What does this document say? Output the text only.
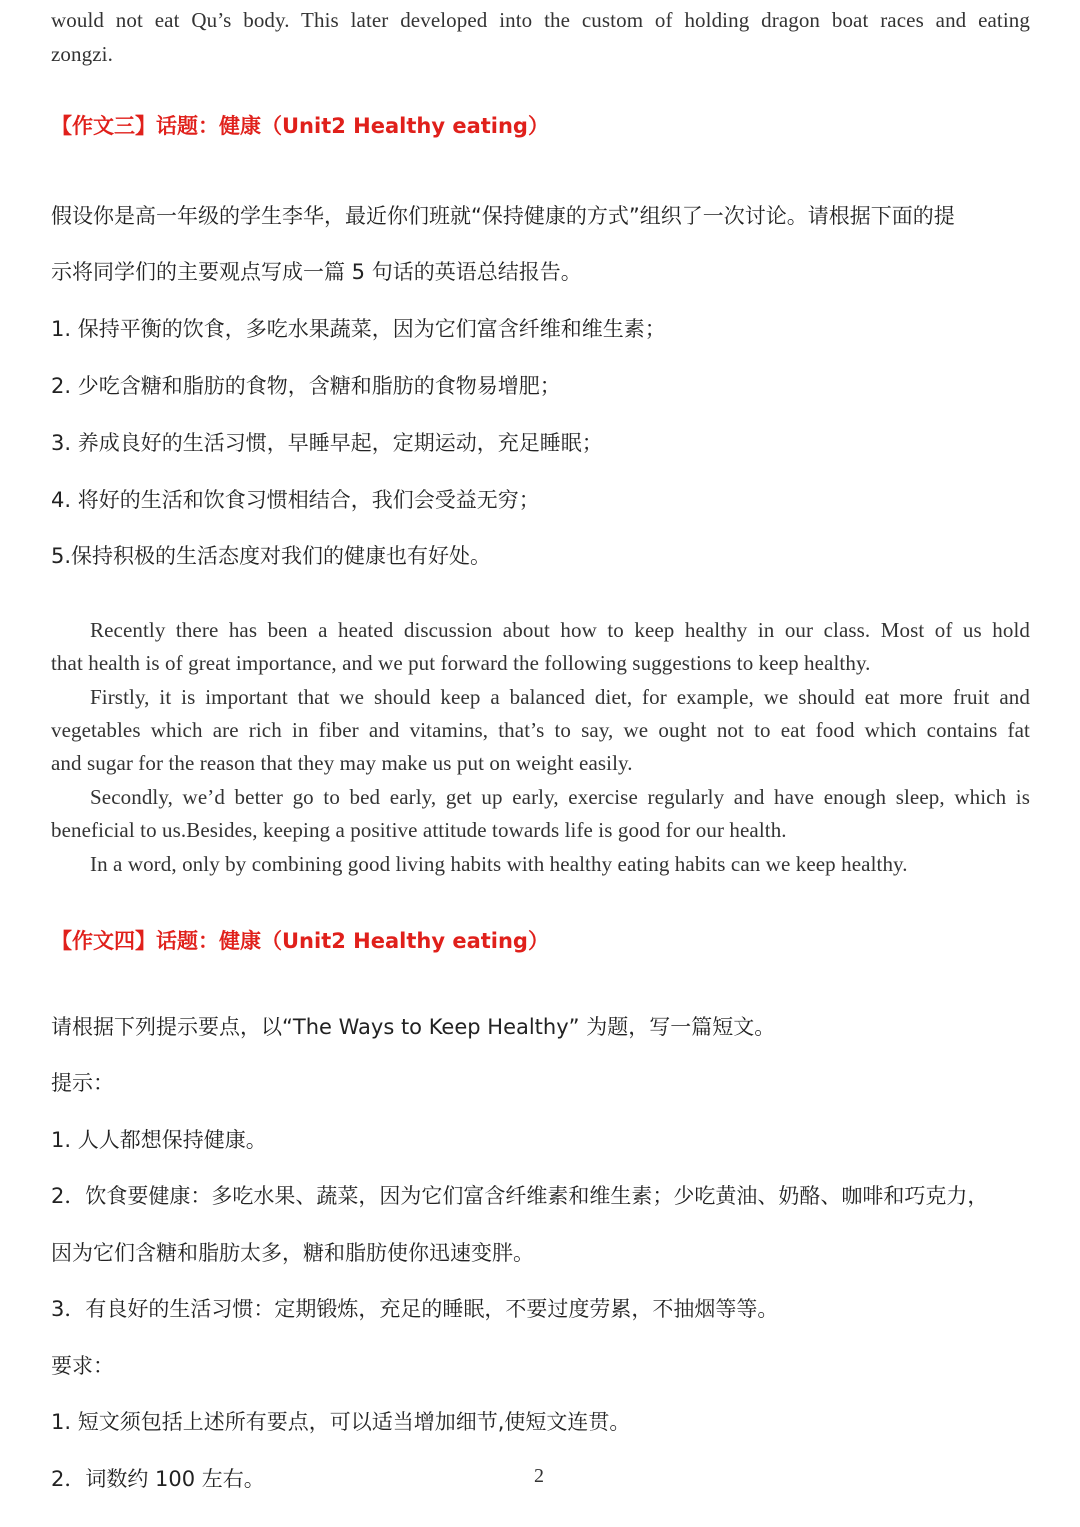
would not eat Qu’s body. This later developed into the custom of holding dragon boat races and eating
zongzi.
【作文三】话题：健康（Unit2 Healthy eating）
假设你是高一年级的学生李华，最近你们班就“保持健康的方式”组织了一次讨论。请根据下面的提
示将同学们的主要观点写成一篇 5 句话的英语总结报告。
1. 保持平衡的饮食，多吃水果蔬菜，因为它们富含纤维和维生素；
2. 少吃含糖和脂肪的食物，含糖和脂肪的食物易增肥；
3. 养成良好的生活习惯，早睡早起，定期运动，充足睡眠；
4. 将好的生活和饮食习惯相结合，我们会受益无穷；
5.保持积极的生活态度对我们的健康也有好处。
Recently there has been a heated discussion about how to keep healthy in our class. Most of us hold
that health is of great importance, and we put forward the following suggestions to keep healthy.
Firstly, it is important that we should keep a balanced diet, for example, we should eat more fruit and
vegetables which are rich in fiber and vitamins, that’s to say, we ought not to eat food which contains fat
and sugar for the reason that they may make us put on weight easily.
Secondly, we’d better go to bed early, get up early, exercise regularly and have enough sleep, which is
beneficial to us.Besides, keeping a positive attitude towards life is good for our health.
In a word, only by combining good living habits with healthy eating habits can we keep healthy.
【作文四】话题：健康（Unit2 Healthy eating）
请根据下列提示要点，以“The Ways to Keep Healthy” 为题，写一篇短文。
提示：
1. 人人都想保持健康。
2．饮食要健康：多吃水果、蔬菜，因为它们富含纤维素和维生素；少吃黄油、奶酪、咖啡和巧克力，
因为它们含糖和脂肪太多，糖和脂肪使你迅速变胖。
3．有良好的生活习惯：定期锻炼，充足的睡眠，不要过度劳累，不抽烟等等。
要求：
1. 短文须包括上述所有要点，可以适当增加细节,使短文连贯。
2．词数约 100 左右。	2
